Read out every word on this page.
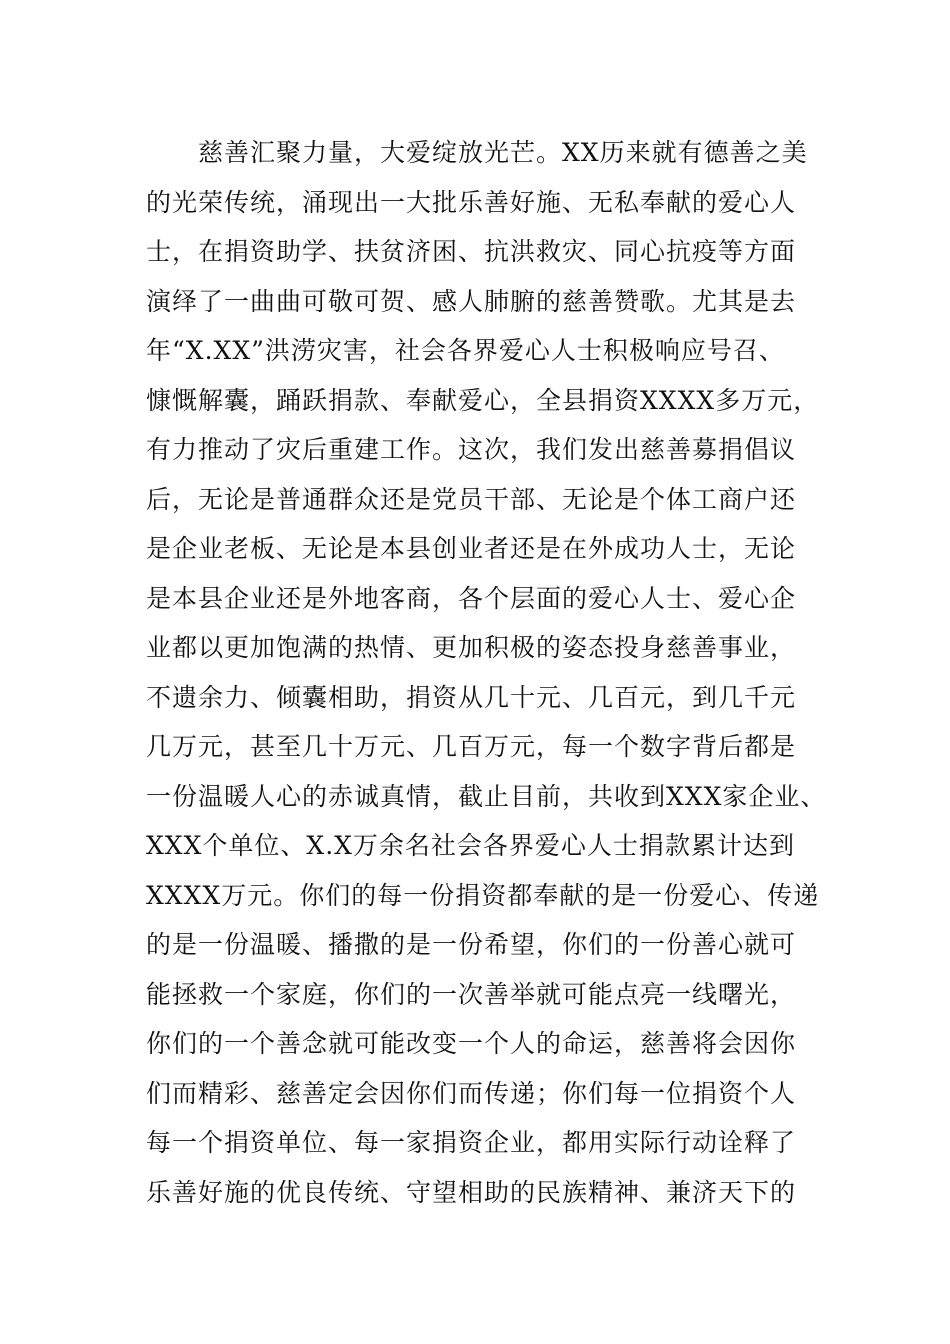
慈善汇聚力量，大爱绽放光芒。XX历来就有德善之美
的光荣传统，涌现出一大批乐善好施、无私奉献的爱心人
士，在捐资助学、扶贫济困、抗洪救灾、同心抗疫等方面
演绎了一曲曲可敬可贺、感人肺腑的慈善赞歌。尤其是去
年“X.XX”洪涝灾害，社会各界爱心人士积极响应号召、
慷慨解囊，踊跃捐款、奉献爱心，全县捐资XXXX多万元，
有力推动了灾后重建工作。这次，我们发出慈善募捐倡议
后，无论是普通群众还是党员干部、无论是个体工商户还
是企业老板、无论是本县创业者还是在外成功人士，无论
是本县企业还是外地客商，各个层面的爱心人士、爱心企
业都以更加饱满的热情、更加积极的姿态投身慈善事业，
不遗余力、倾囊相助，捐资从几十元、几百元，到几千元
几万元，甚至几十万元、几百万元，每一个数字背后都是
一份温暖人心的赤诚真情，截止目前，共收到XXX家企业、
XXX个单位、X.X万余名社会各界爱心人士捐款累计达到
XXXX万元。你们的每一份捐资都奉献的是一份爱心、传递
的是一份温暖、播撒的是一份希望，你们的一份善心就可
能拯救一个家庭，你们的一次善举就可能点亮一线曙光，
你们的一个善念就可能改变一个人的命运，慈善将会因你
们而精彩、慈善定会因你们而传递；你们每一位捐资个人
每一个捐资单位、每一家捐资企业，都用实际行动诠释了
乐善好施的优良传统、守望相助的民族精神、兼济天下的
